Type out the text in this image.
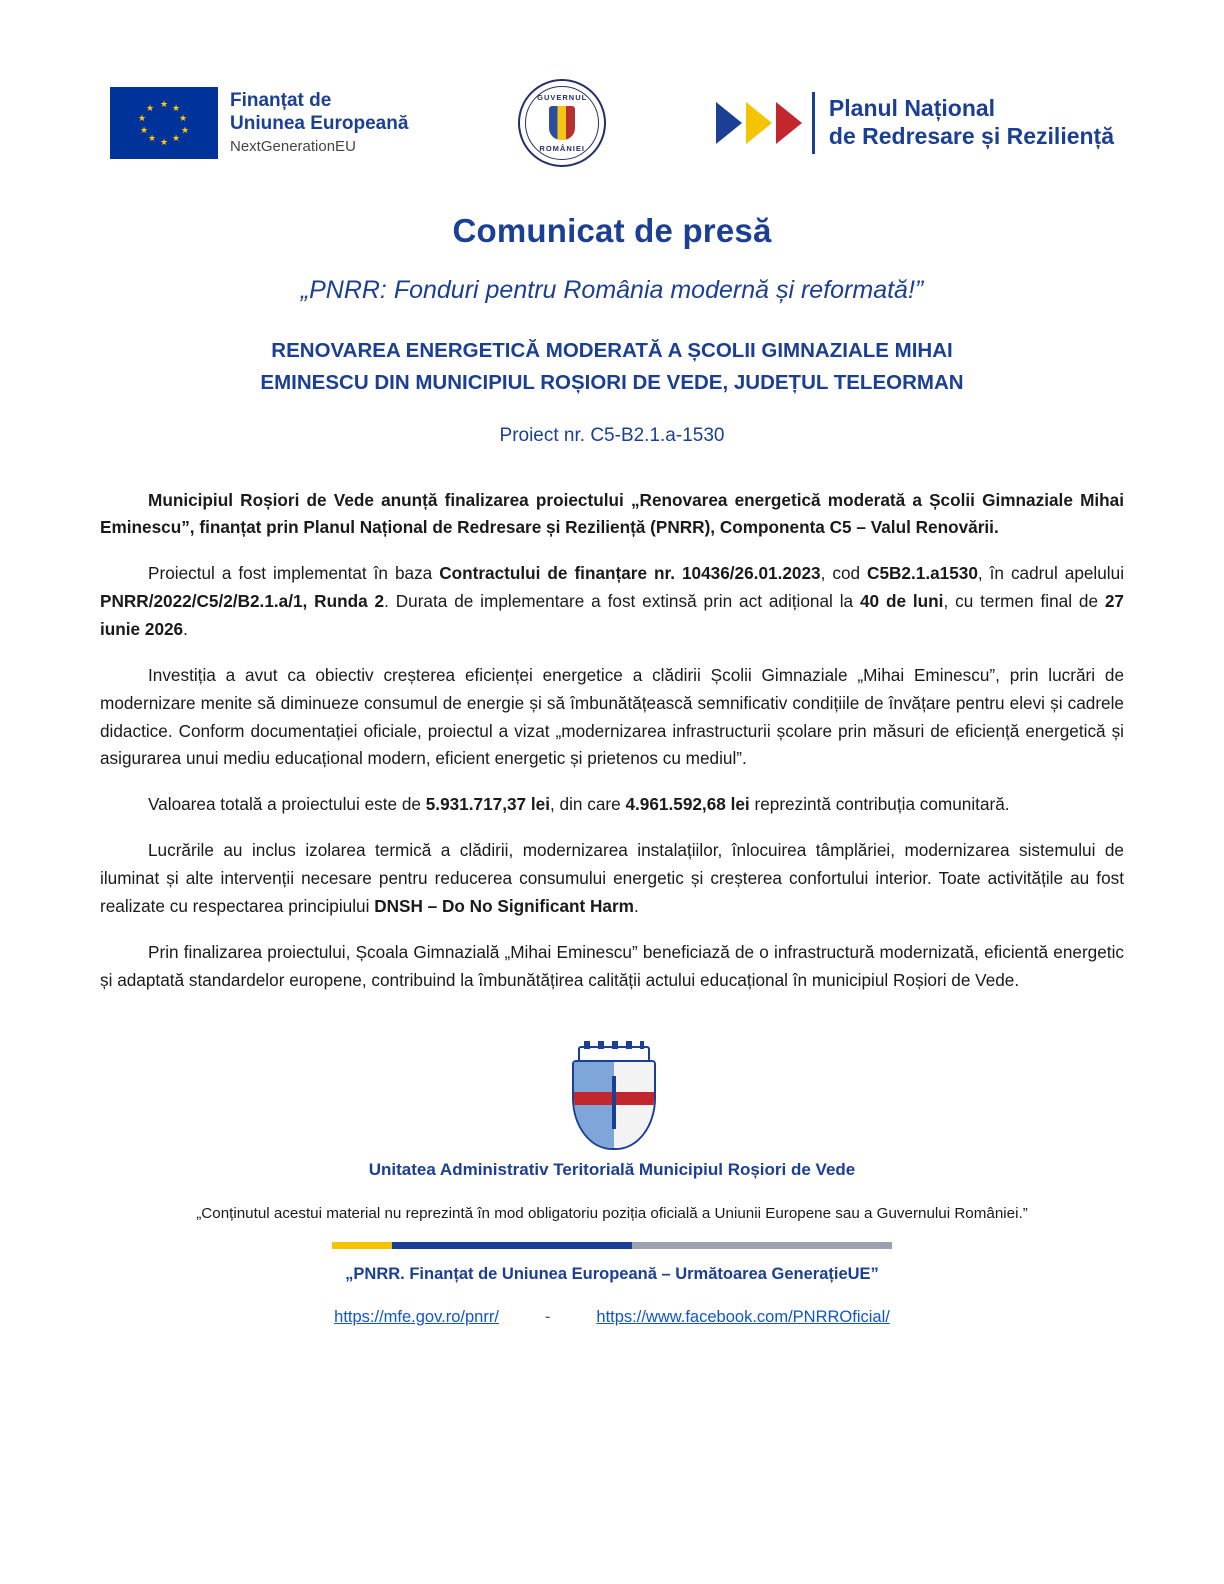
★ ★
★
★
★
★
★
★
★
★	Finanțat de
Uniunea Europeană
NextGenerationEU
GUVERNUL
ROMÂNIEI
Planul Național
de Redresare și Reziliență
Comunicat de presă
„PNRR: Fonduri pentru România modernă și reformată!”
RENOVAREA ENERGETICĂ MODERATĂ A ȘCOLII GIMNAZIALE MIHAI
EMINESCU DIN MUNICIPIUL ROȘIORI DE VEDE, JUDEȚUL TELEORMAN
Proiect nr. C5-B2.1.a-1530

Municipiul Roșiori de Vede anunță finalizarea proiectului „Renovarea energetică moderată a Școlii Gimnaziale Mihai Eminescu”, finanțat prin Planul Național de Redresare și Reziliență (PNRR), Componenta C5 – Valul Renovării.

Proiectul a fost implementat în baza Contractului de finanțare nr. 10436/26.01.2023, cod C5B2.1.a1530, în cadrul apelului PNRR/2022/C5/2/B2.1.a/1, Runda 2. Durata de implementare a fost extinsă prin act adițional la 40 de luni, cu termen final de 27 iunie 2026.

Investiția a avut ca obiectiv creșterea eficienței energetice a clădirii Școlii Gimnaziale „Mihai Eminescu”, prin lucrări de modernizare menite să diminueze consumul de energie și să îmbunătățească semnificativ condițiile de învățare pentru elevi și cadrele didactice. Conform documentației oficiale, proiectul a vizat „modernizarea infrastructurii școlare prin măsuri de eficiență energetică și asigurarea unui mediu educațional modern, eficient energetic și prietenos cu mediul”.

Valoarea totală a proiectului este de 5.931.717,37 lei, din care 4.961.592,68 lei reprezintă contribuția comunitară.

Lucrările au inclus izolarea termică a clădirii, modernizarea instalațiilor, înlocuirea tâmplăriei, modernizarea sistemului de iluminat și alte intervenții necesare pentru reducerea consumului energetic și creșterea confortului interior. Toate activitățile au fost realizate cu respectarea principiului DNSH – Do No Significant Harm.

Prin finalizarea proiectului, Școala Gimnazială „Mihai Eminescu” beneficiază de o infrastructură modernizată, eficientă energetic și adaptată standardelor europene, contribuind la îmbunătățirea calității actului educațional în municipiul Roșiori de Vede.

Unitatea Administrativ Teritorială Municipiul Roșiori de Vede
„Conținutul acestui material nu reprezintă în mod obligatoriu poziția oficială a Uniunii Europene sau a Guvernului României.”
„PNRR. Finanțat de Uniunea Europeană – Următoarea GenerațieUE”
https://mfe.gov.ro/pnrr/	-	https://www.facebook.com/PNRROficial/
